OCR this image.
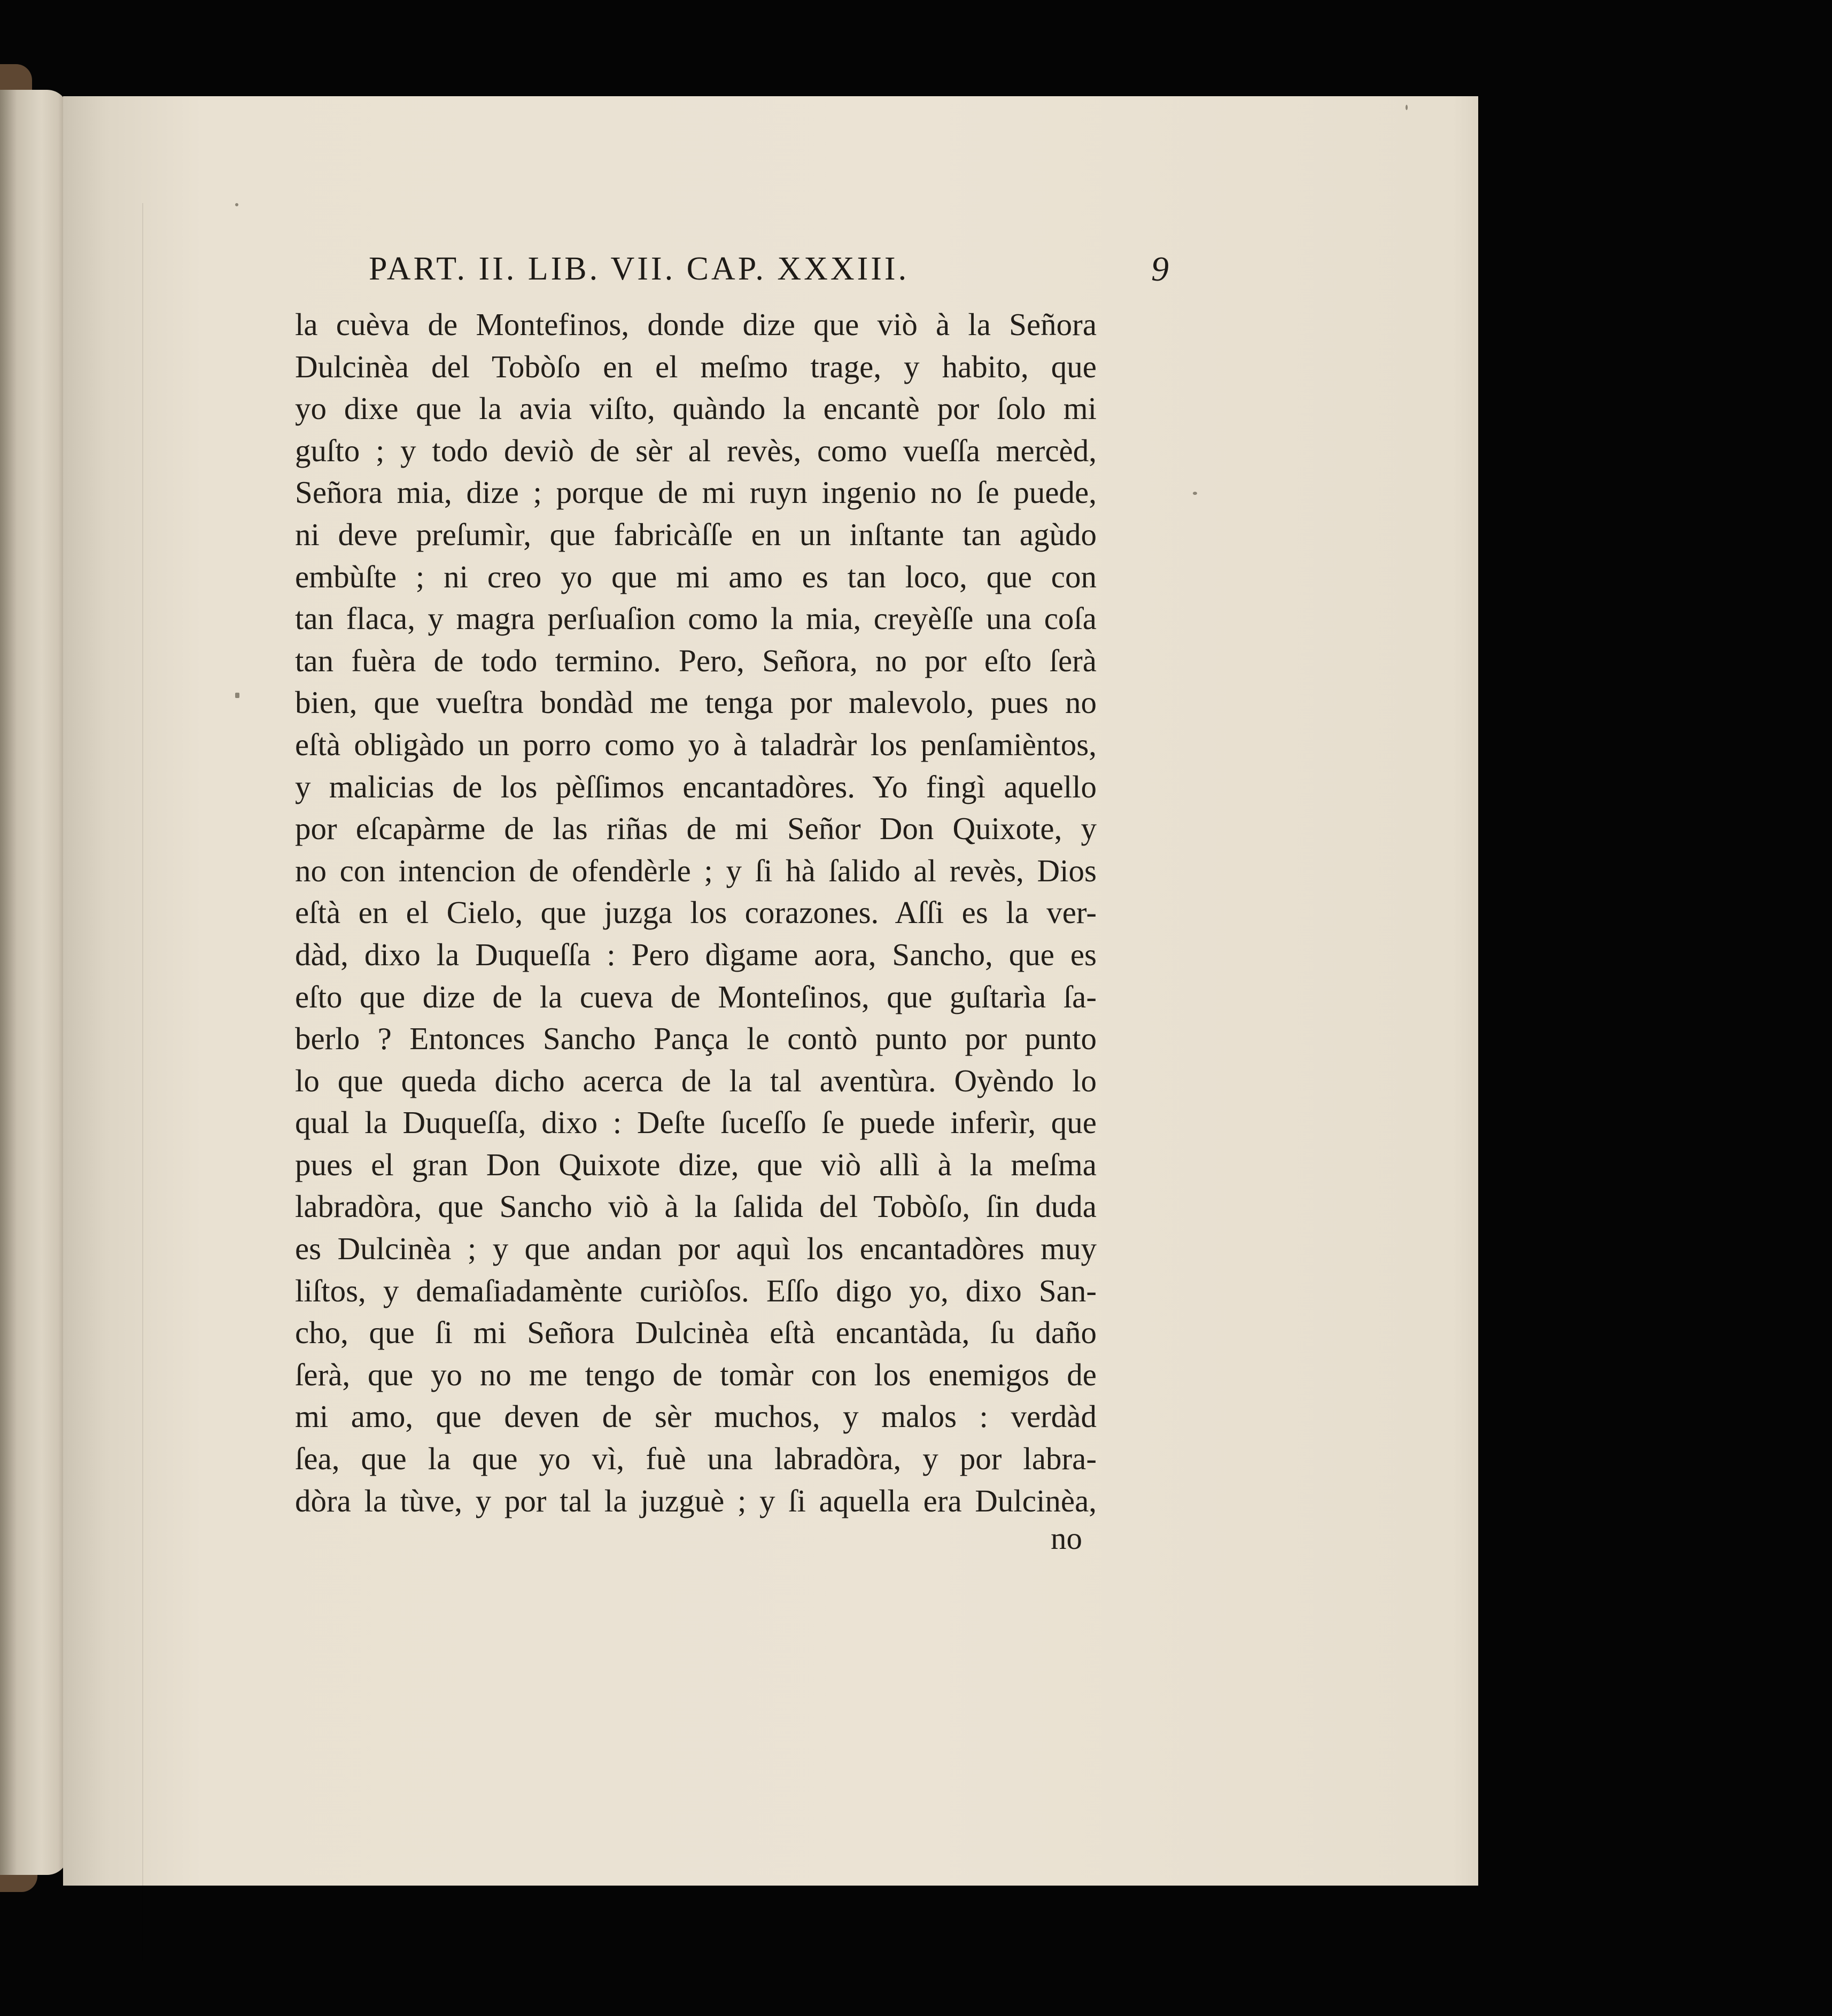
PART. II. LIB. VII. CAP. XXXIII.	9
la cuèva de Montefinos, donde dize que viò à la Señora
Dulcinèa del Tobòſo en el meſmo trage, y habito, que
yo dixe que la avia viſto, quàndo la encantè por ſolo mi
guſto ; y todo deviò de sèr al revès, como vueſſa mercèd,
Señora mia, dize ; porque de mi ruyn ingenio no ſe puede,
ni deve preſumìr, que fabricàſſe en un inſtante tan agùdo
embùſte ; ni creo yo que mi amo es tan loco, que con
tan flaca, y magra perſuaſion como la mia, creyèſſe una coſa
tan fuèra de todo termino. Pero, Señora, no por eſto ſerà
bien, que vueſtra bondàd me tenga por malevolo, pues no
eſtà obligàdo un porro como yo à taladràr los penſamièntos,
y malicias de los pèſſimos encantadòres. Yo fingì aquello
por eſcapàrme de las riñas de mi Señor Don Quixote, y
no con intencion de ofendèrle ; y ſi hà ſalido al revès, Dios
eſtà en el Cielo, que juzga los corazones. Aſſi es la ver-
dàd, dixo la Duqueſſa : Pero dìgame aora, Sancho, que es
eſto que dize de la cueva de Monteſinos, que guſtarìa ſa-
berlo ? Entonces Sancho Pança le contò punto por punto
lo que queda dicho acerca de la tal aventùra. Oyèndo lo
qual la Duqueſſa, dixo : Deſte ſuceſſo ſe puede inferìr, que
pues el gran Don Quixote dize, que viò allì à la meſma
labradòra, que Sancho viò à la ſalida del Tobòſo, ſin duda
es Dulcinèa ; y que andan por aquì los encantadòres muy
liſtos, y demaſiadamènte curiòſos. Eſſo digo yo, dixo San-
cho, que ſi mi Señora Dulcinèa eſtà encantàda, ſu daño
ſerà, que yo no me tengo de tomàr con los enemigos de
mi amo, que deven de sèr muchos, y malos : verdàd
ſea, que la que yo vì, fuè una labradòra, y por labra-
dòra la tùve, y por tal la juzguè ; y ſi aquella era Dulcinèa,
no
